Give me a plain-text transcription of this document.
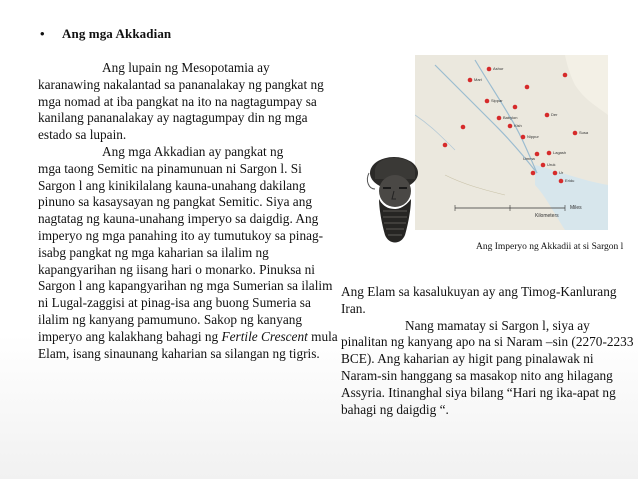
• Ang mga Akkadian

Ang lupain ng Mesopotamia ay

karanawing nakalantad sa pananalakay ng pangkat ng mga nomad at iba pangkat na ito na nagtagumpay sa kanilang pananalakay ay nagtagumpay din ng mga estado sa lupain.

Ang mga Akkadian ay pangkat ng

mga taong Semitic na pinamunuan ni Sargon l. Si Sargon l ang kinikilalang kauna-unahang dakilang pinuno sa kasaysayan ng pangkat Semitic. Siya ang nagtatag ng kauna-unahang imperyo sa daigdig. Ang imperyo ng mga panahing ito ay tumutukoy sa pinag-isabg pangkat ng mga kaharian sa ilalim ng kapangyarihan ng iisang hari o monarko. Pinuksa ni Sargon l ang kapangyarihan ng mga Sumerian sa ilalim ni Lugal-zaggisi at pinag-isa ang buong Sumeria sa ilalim ng kanyang pamumuno. Sakop ng kanyang imperyo ang kalakhang bahagi ng Fertile Crescent mula Elam, isang sinaunang kaharian sa silangan ng tigris.

Ashur
Mari
Sippar
Babylon
Kish
Nippur
Lagash
Umma
Uruk
Ur
Eridu
Susa
Der
Miles
Kilometers
Ang Imperyo ng Akkadii at si Sargon l

Ang Elam sa kasalukuyan ay ang Timog-Kanlurang Iran.

Nang mamatay si Sargon l, siya ay

pinalitan ng kanyang apo na si Naram –sin (2270-2233 BCE). Ang kaharian ay higit pang pinalawak ni Naram-sin hanggang sa masakop nito ang hilagang Assyria. Itinanghal siya bilang “Hari ng ika-apat ng bahagi ng daigdig “.
